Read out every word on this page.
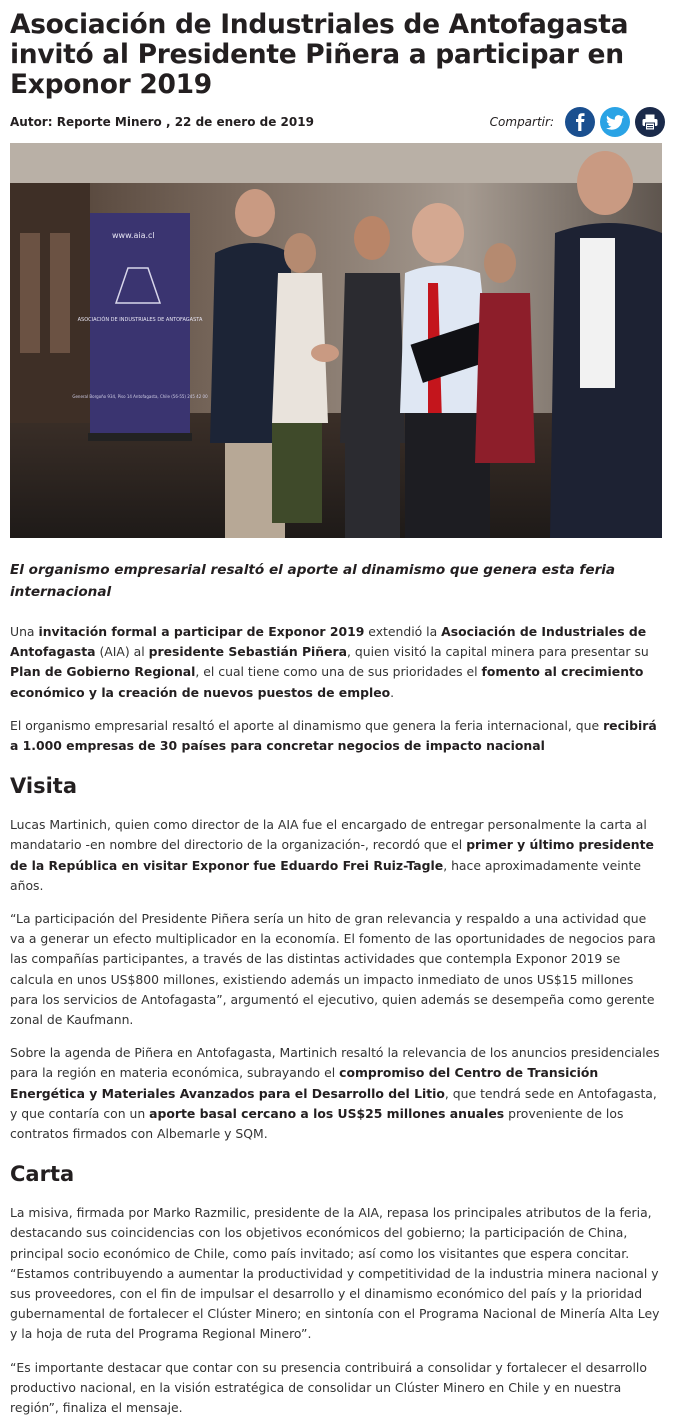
Asociación de Industriales de Antofagasta invitó al Presidente Piñera a participar en Exponor 2019
Autor: Reporte Minero , 22 de enero de 2019	Compartir:
www.aia.cl
ASOCIACIÓN DE INDUSTRIALES DE ANTOFAGASTA
General Borgoño 934, Piso 14 Antofagasta, Chile (56-55) 245 42 00

El organismo empresarial resaltó el aporte al dinamismo que genera esta feria internacional

Una invitación formal a participar de Exponor 2019 extendió la Asociación de Industriales de Antofagasta (AIA) al presidente Sebastián Piñera, quien visitó la capital minera para presentar su Plan de Gobierno Regional, el cual tiene como una de sus prioridades el fomento al crecimiento económico y la creación de nuevos puestos de empleo.

El organismo empresarial resaltó el aporte al dinamismo que genera la feria internacional, que recibirá a 1.000 empresas de 30 países para concretar negocios de impacto nacional

Visita

Lucas Martinich, quien como director de la AIA fue el encargado de entregar personalmente la carta al mandatario -en nombre del directorio de la organización-, recordó que el primer y último presidente de la República en visitar Exponor fue Eduardo Frei Ruiz-Tagle, hace aproximadamente veinte años.

“La participación del Presidente Piñera sería un hito de gran relevancia y respaldo a una actividad que va a generar un efecto multiplicador en la economía. El fomento de las oportunidades de negocios para las compañías participantes, a través de las distintas actividades que contempla Exponor 2019 se calcula en unos US$800 millones, existiendo además un impacto inmediato de unos US$15 millones para los servicios de Antofagasta”, argumentó el ejecutivo, quien además se desempeña como gerente zonal de Kaufmann.

Sobre la agenda de Piñera en Antofagasta, Martinich resaltó la relevancia de los anuncios presidenciales para la región en materia económica, subrayando el compromiso del Centro de Transición Energética y Materiales Avanzados para el Desarrollo del Litio, que tendrá sede en Antofagasta, y que contaría con un aporte basal cercano a los US$25 millones anuales proveniente de los contratos firmados con Albemarle y SQM.

Carta

La misiva, firmada por Marko Razmilic, presidente de la AIA, repasa los principales atributos de la feria, destacando sus coincidencias con los objetivos económicos del gobierno; la participación de China, principal socio económico de Chile, como país invitado; así como los visitantes que espera concitar. “Estamos contribuyendo a aumentar la productividad y competitividad de la industria minera nacional y sus proveedores, con el fin de impulsar el desarrollo y el dinamismo económico del país y la prioridad gubernamental de fortalecer el Clúster Minero; en sintonía con el Programa Nacional de Minería Alta Ley y la hoja de ruta del Programa Regional Minero”.

“Es importante destacar que contar con su presencia contribuirá a consolidar y fortalecer el desarrollo productivo nacional, en la visión estratégica de consolidar un Clúster Minero en Chile y en nuestra región”, finaliza el mensaje.
